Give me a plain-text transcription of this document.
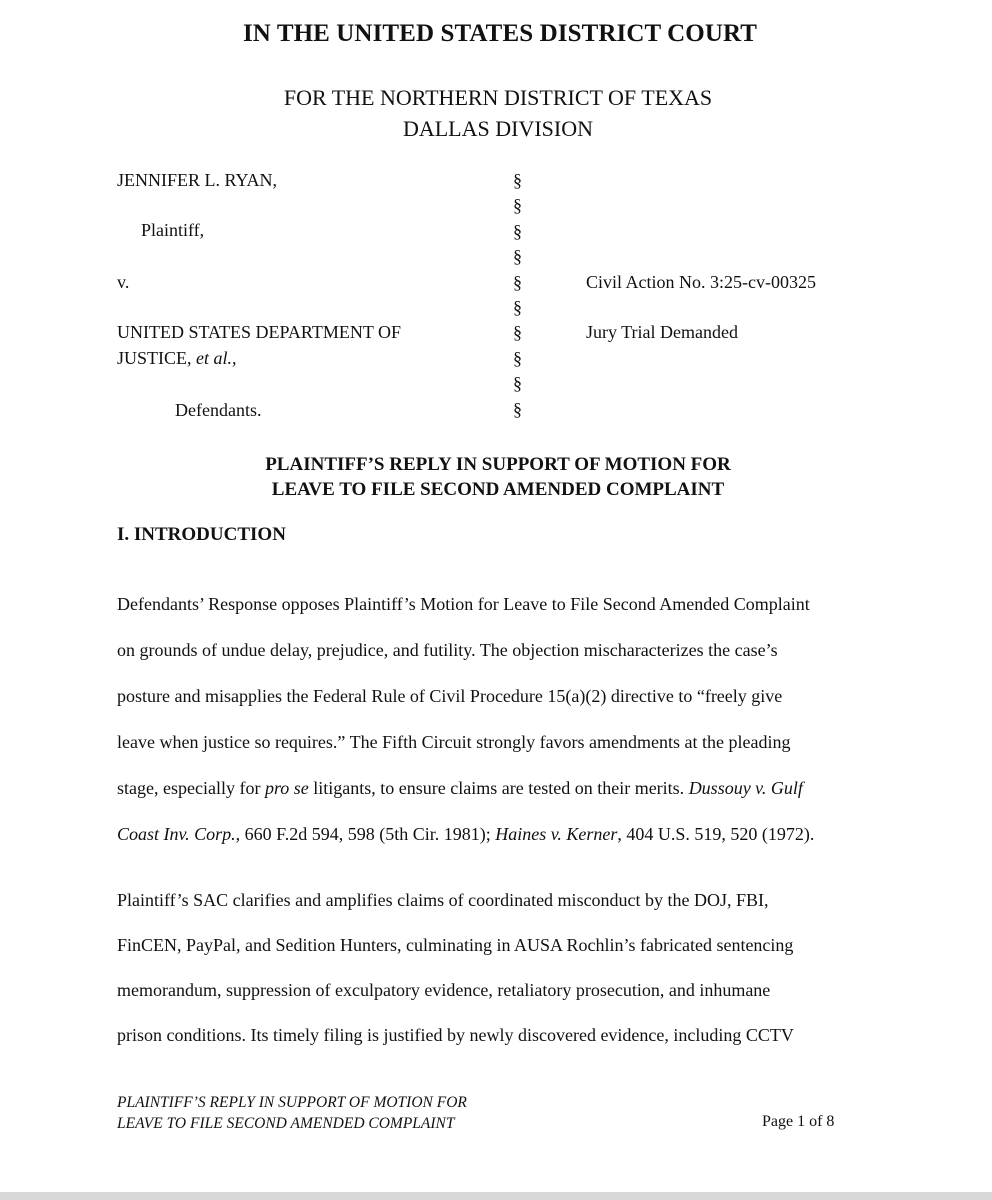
IN THE UNITED STATES DISTRICT COURT
FOR THE NORTHERN DISTRICT OF TEXAS
DALLAS DIVISION
JENNIFER L. RYAN,
Plaintiff,
v.
UNITED STATES DEPARTMENT OF
JUSTICE, et al.,
Defendants.
§
§
§
§
§
§
§
§
§
§
Civil Action No. 3:25-cv-00325
Jury Trial Demanded
PLAINTIFF’S REPLY IN SUPPORT OF MOTION FOR
LEAVE TO FILE SECOND AMENDED COMPLAINT
I. INTRODUCTION
Defendants’ Response opposes Plaintiff’s Motion for Leave to File Second Amended Complaint
on grounds of undue delay, prejudice, and futility. The objection mischaracterizes the case’s
posture and misapplies the Federal Rule of Civil Procedure 15(a)(2) directive to “freely give
leave when justice so requires.” The Fifth Circuit strongly favors amendments at the pleading
stage, especially for pro se litigants, to ensure claims are tested on their merits. Dussouy v. Gulf
Coast Inv. Corp., 660 F.2d 594, 598 (5th Cir. 1981); Haines v. Kerner, 404 U.S. 519, 520 (1972).
Plaintiff’s SAC clarifies and amplifies claims of coordinated misconduct by the DOJ, FBI,
FinCEN, PayPal, and Sedition Hunters, culminating in AUSA Rochlin’s fabricated sentencing
memorandum, suppression of exculpatory evidence, retaliatory prosecution, and inhumane
prison conditions. Its timely filing is justified by newly discovered evidence, including CCTV
PLAINTIFF’S REPLY IN SUPPORT OF MOTION FOR
LEAVE TO FILE SECOND AMENDED COMPLAINT	Page 1 of 8
